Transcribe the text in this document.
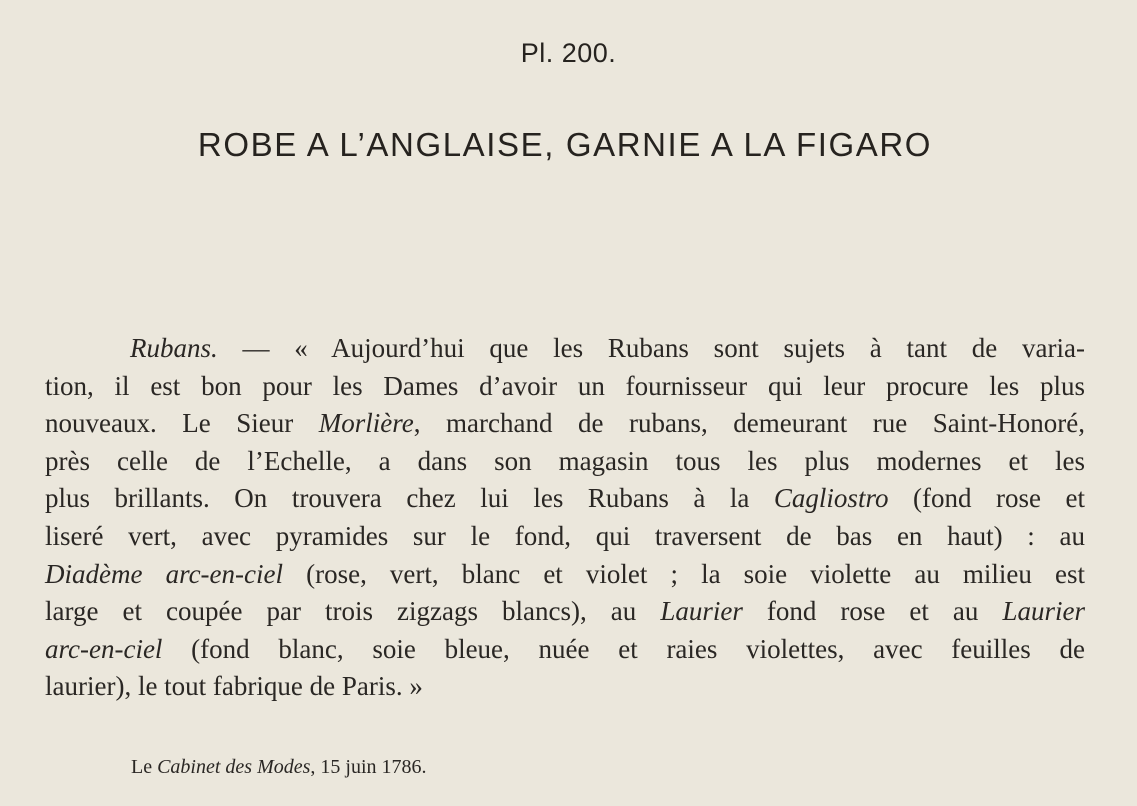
Pl. 200.
ROBE A L’ANGLAISE, GARNIE A LA FIGARO
Rubans. — « Aujourd’hui que les Rubans sont sujets à tant de varia-
tion, il est bon pour les Dames d’avoir un fournisseur qui leur procure les plus
nouveaux. Le Sieur Morlière, marchand de rubans, demeurant rue Saint-Honoré,
près celle de l’Echelle, a dans son magasin tous les plus modernes et les
plus brillants. On trouvera chez lui les Rubans à la Cagliostro (fond rose et
liseré vert, avec pyramides sur le fond, qui traversent de bas en haut) : au
Diadème arc-en-ciel (rose, vert, blanc et violet ; la soie violette au milieu est
large et coupée par trois zigzags blancs), au Laurier fond rose et au Laurier
arc-en-ciel (fond blanc, soie bleue, nuée et raies violettes, avec feuilles de
laurier), le tout fabrique de Paris. »
Le Cabinet des Modes, 15 juin 1786.
